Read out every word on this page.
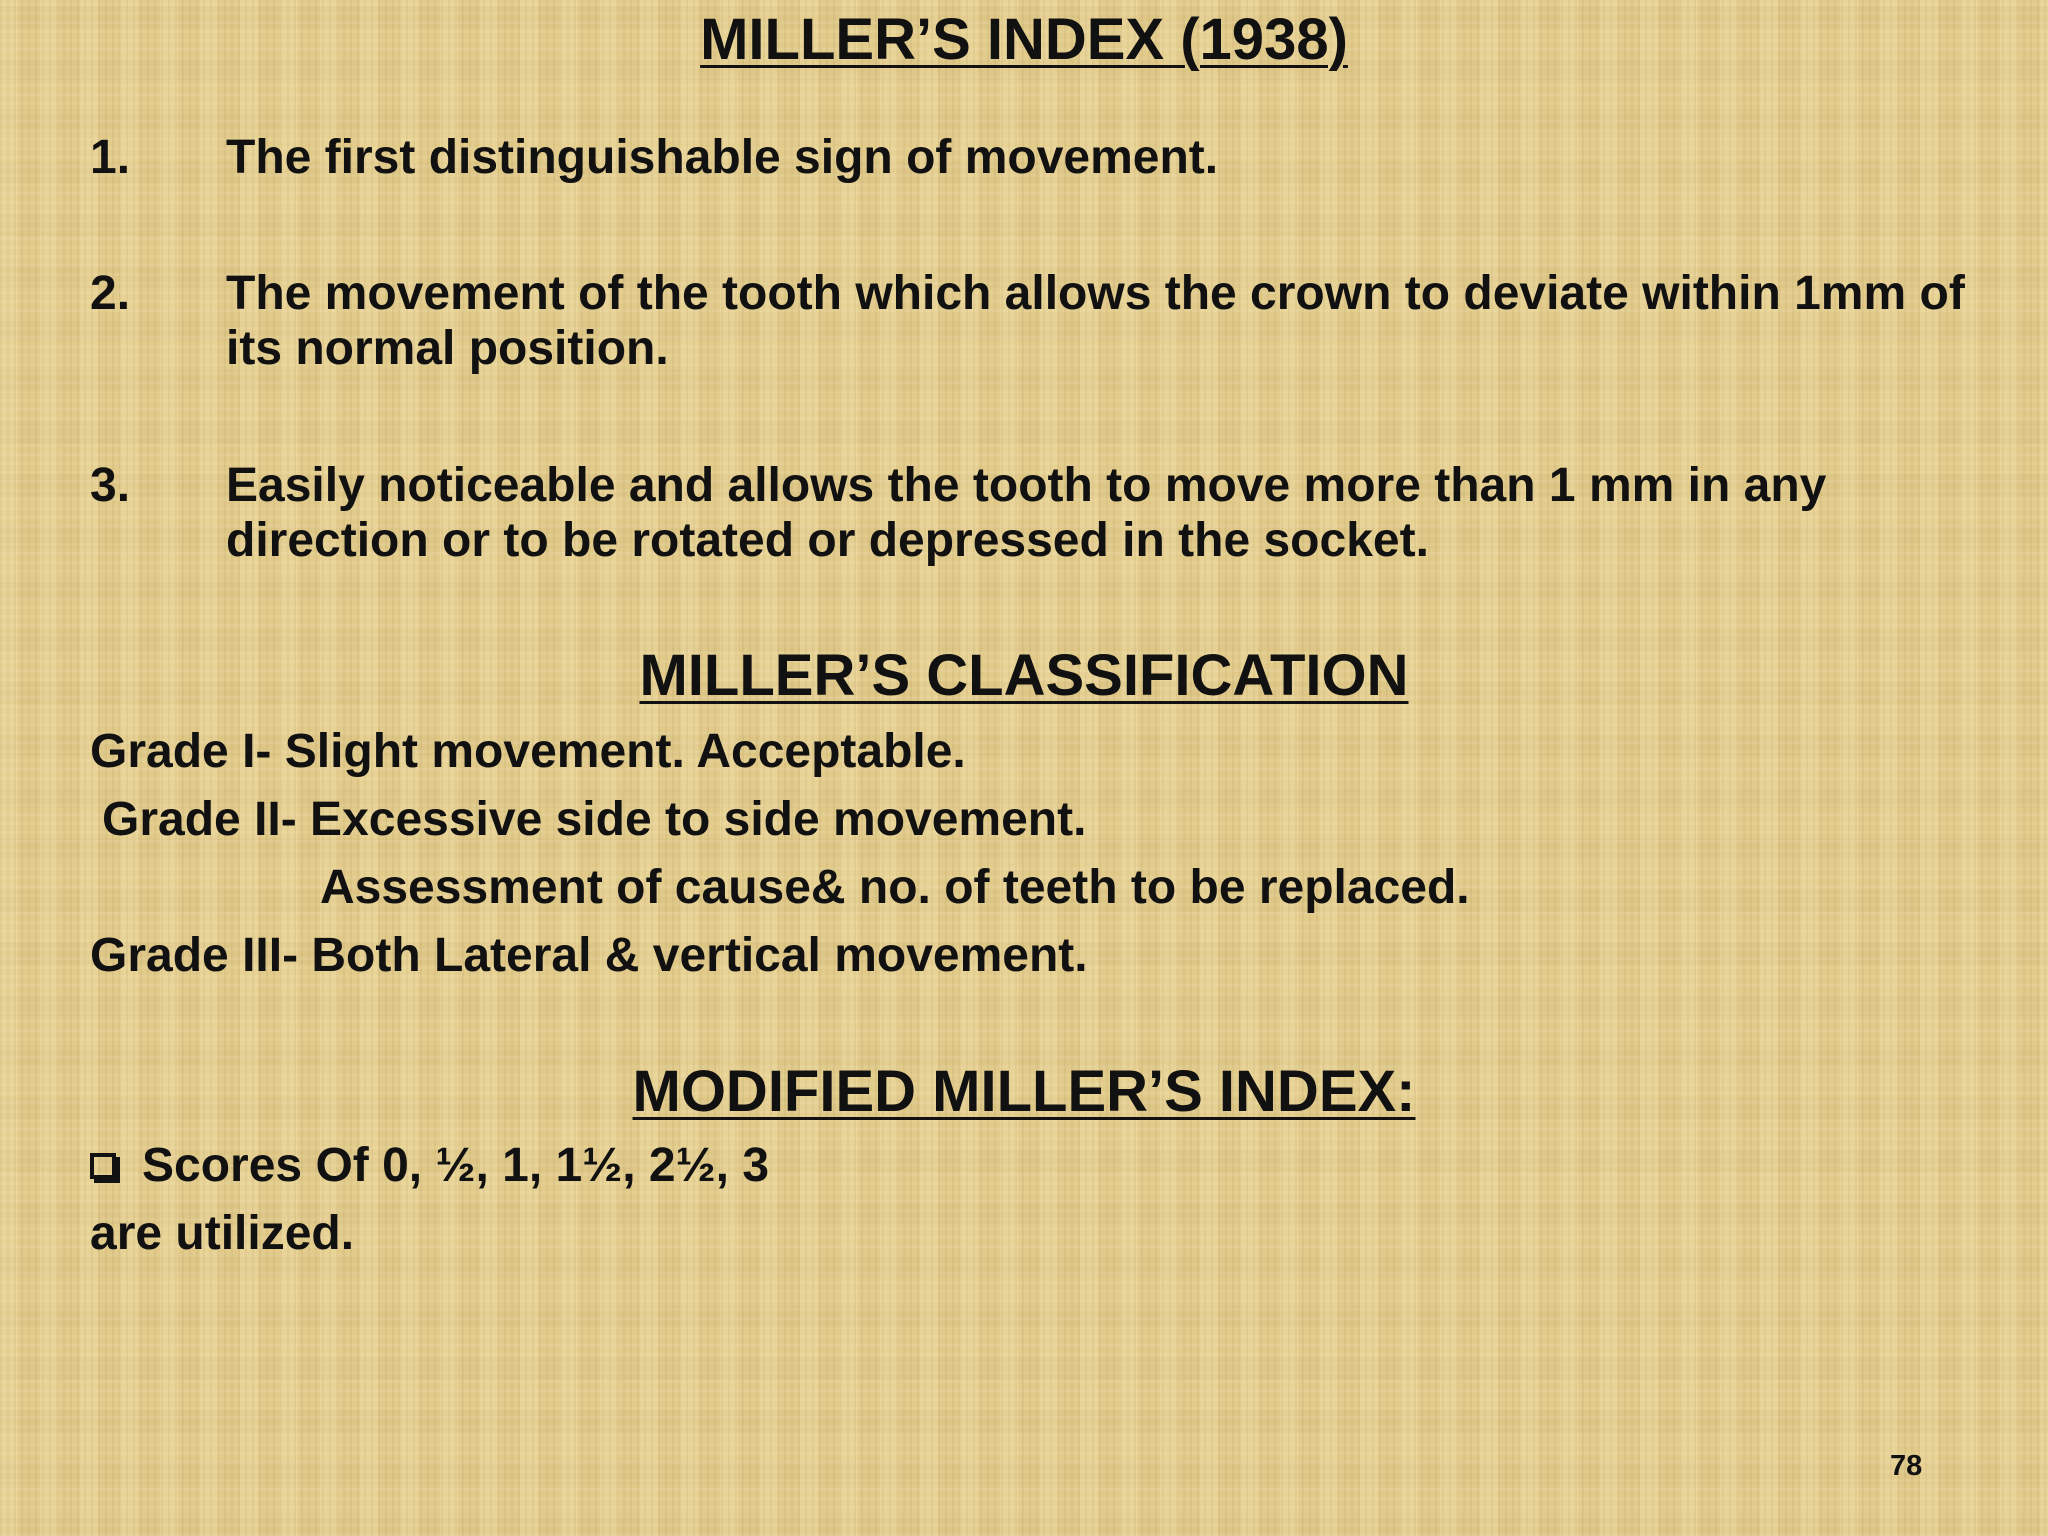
MILLER’S INDEX (1938)
1. The first distinguishable sign of movement.
2. The movement of the tooth which allows the crown to deviate within 1mm of its normal position.
3. Easily noticeable and allows the tooth to move more than 1 mm in any direction or to be rotated or depressed in the socket.
MILLER’S CLASSIFICATION
Grade I- Slight movement. Acceptable.
Grade II- Excessive side to side movement.
Assessment of cause& no. of teeth to be replaced.
Grade III- Both Lateral & vertical movement.
MODIFIED MILLER’S INDEX:
Scores Of 0, ½, 1, 1½, 2½, 3
are utilized.
78
